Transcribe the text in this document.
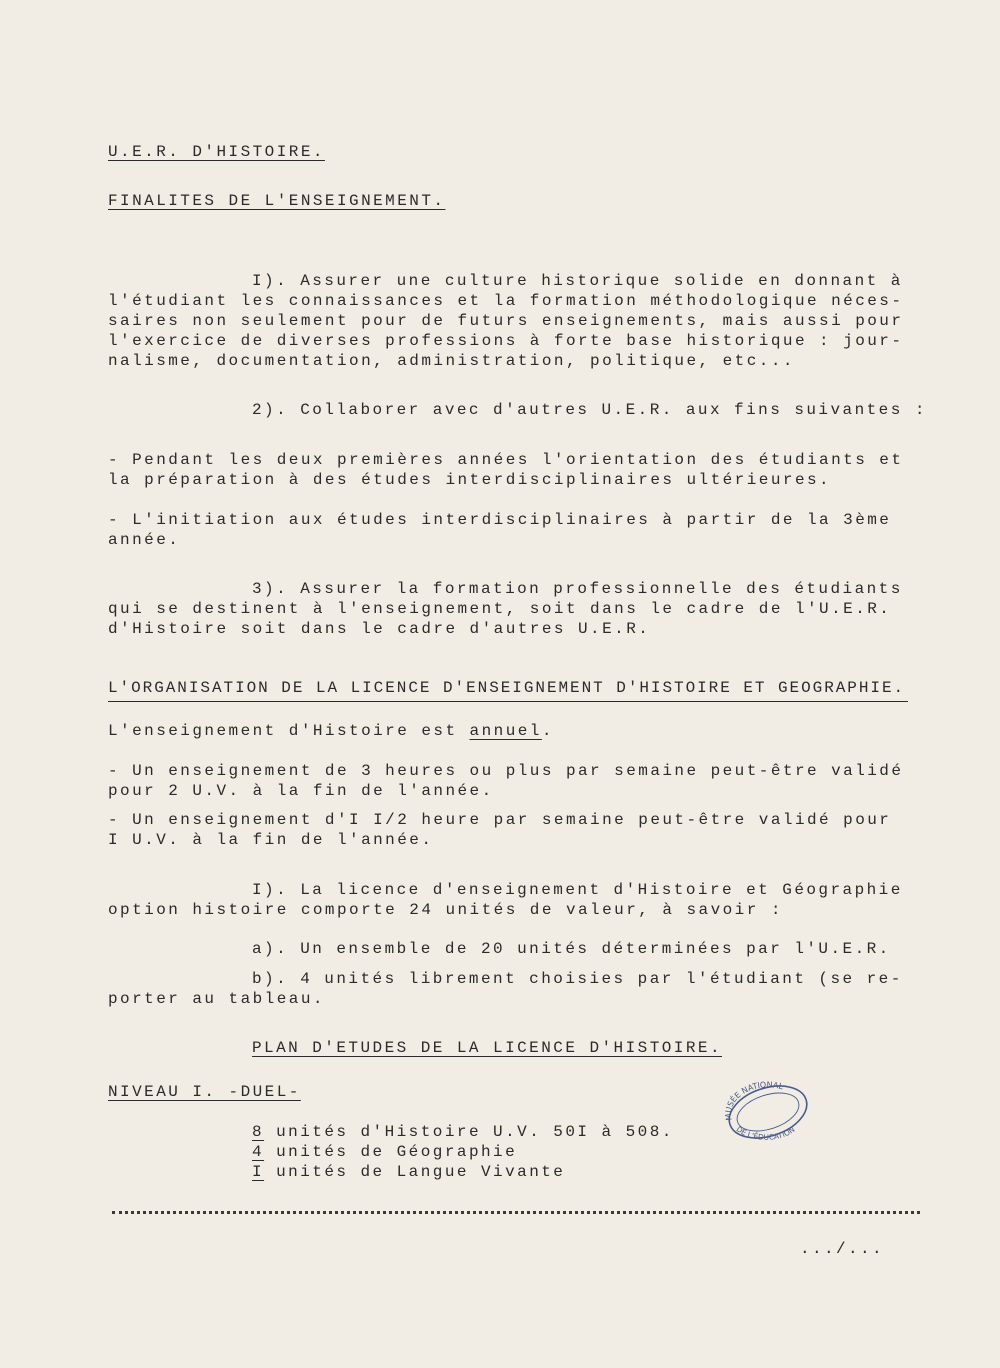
U.E.R. D'HISTOIRE.
FINALITES DE L'ENSEIGNEMENT.
I). Assurer une culture historique solide en donnant à
l'étudiant les connaissances et la formation méthodologique néces-
saires non seulement pour de futurs enseignements, mais aussi pour
l'exercice de diverses professions à forte base historique : jour-
nalisme, documentation, administration, politique, etc...
2). Collaborer avec d'autres U.E.R. aux fins suivantes :
- Pendant les deux premières années l'orientation des étudiants et
la préparation à des études interdisciplinaires ultérieures.
- L'initiation aux études interdisciplinaires à partir de la 3ème
année.
3). Assurer la formation professionnelle des étudiants
qui se destinent à l'enseignement, soit dans le cadre de l'U.E.R.
d'Histoire soit dans le cadre d'autres U.E.R.
L'ORGANISATION DE LA LICENCE D'ENSEIGNEMENT D'HISTOIRE ET GEOGRAPHIE.
L'enseignement d'Histoire est annuel.
- Un enseignement de 3 heures ou plus par semaine peut-être validé
pour 2 U.V. à la fin de l'année.
- Un enseignement d'I I/2 heure par semaine peut-être validé pour
I U.V. à la fin de l'année.
I). La licence d'enseignement d'Histoire et Géographie
option histoire comporte 24 unités de valeur, à savoir :
a). Un ensemble de 20 unités déterminées par l'U.E.R.
b). 4 unités librement choisies par l'étudiant (se re-
porter au tableau.
PLAN D'ETUDES DE LA LICENCE D'HISTOIRE.
NIVEAU I. -DUEL-
8 unités d'Histoire U.V. 50I à 508.
4 unités de Géographie
I unités de Langue Vivante
MUSÉE NATIONAL
DE L'ÉDUCATION
.../...
